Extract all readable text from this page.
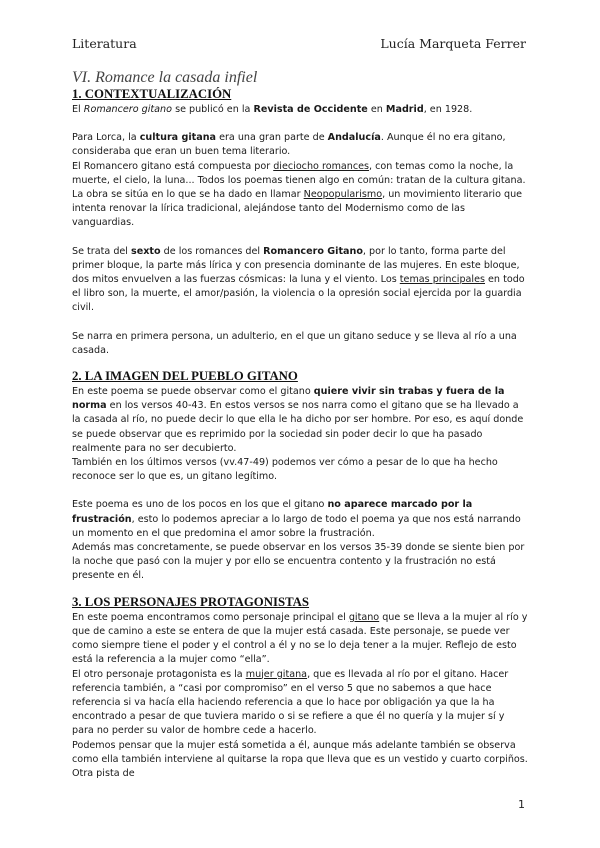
Literatura	Lucía Marqueta Ferrer
VI. Romance la casada infiel
1. CONTEXTUALIZACIÓN

El Romancero gitano se publicó en la Revista de Occidente en Madrid, en 1928.

Para Lorca, la cultura gitana era una gran parte de Andalucía. Aunque él no era gitano, consideraba que eran un buen tema literario.

El Romancero gitano está compuesta por dieciocho romances, con temas como la noche, la muerte, el cielo, la luna... Todos los poemas tienen algo en común: tratan de la cultura gitana.

La obra se sitúa en lo que se ha dado en llamar Neopopularismo, un movimiento literario que intenta renovar la lírica tradicional, alejándose tanto del Modernismo como de las vanguardias.

Se trata del sexto de los romances del Romancero Gitano, por lo tanto, forma parte del primer bloque, la parte más lírica y con presencia dominante de las mujeres. En este bloque, dos mitos envuelven a las fuerzas cósmicas: la luna y el viento. Los temas principales en todo el libro son, la muerte, el amor/pasión, la violencia o la opresión social ejercida por la guardia civil.

Se narra en primera persona, un adulterio, en el que un gitano seduce y se lleva al río a una casada.

2. LA IMAGEN DEL PUEBLO GITANO

En este poema se puede observar como el gitano quiere vivir sin trabas y fuera de la norma en los versos 40-43. En estos versos se nos narra como el gitano que se ha llevado a la casada al río, no puede decir lo que ella le ha dicho por ser hombre. Por eso, es aquí donde se puede observar que es reprimido por la sociedad sin poder decir lo que ha pasado realmente para no ser decubierto.

También en los últimos versos (vv.47-49) podemos ver cómo a pesar de lo que ha hecho reconoce ser lo que es, un gitano legítimo.

Este poema es uno de los pocos en los que el gitano no aparece marcado por la frustración, esto lo podemos apreciar a lo largo de todo el poema ya que nos está narrando un momento en el que predomina el amor sobre la frustración.

Además mas concretamente, se puede observar en los versos 35-39 donde se siente bien por la noche que pasó con la mujer y por ello se encuentra contento y la frustración no está presente en él.

3. LOS PERSONAJES PROTAGONISTAS

En este poema encontramos como personaje principal el gitano que se lleva a la mujer al río y que de camino a este se entera de que la mujer está casada. Este personaje, se puede ver como siempre tiene el poder y el control a él y no se lo deja tener a la mujer. Reflejo de esto está la referencia a la mujer como “ella”.

El otro personaje protagonista es la mujer gitana, que es llevada al río por el gitano. Hacer referencia también, a “casi por compromiso” en el verso 5 que no sabemos a que hace referencia si va hacía ella haciendo referencia a que lo hace por obligación ya que la ha encontrado a pesar de que tuviera marido o si se refiere a que él no quería y la mujer sí y para no perder su valor de hombre cede a hacerlo.

Podemos pensar que la mujer está sometida a él, aunque más adelante también se observa como ella también interviene al quitarse la ropa que lleva que es un vestido y cuarto corpiños. Otra pista de

1
